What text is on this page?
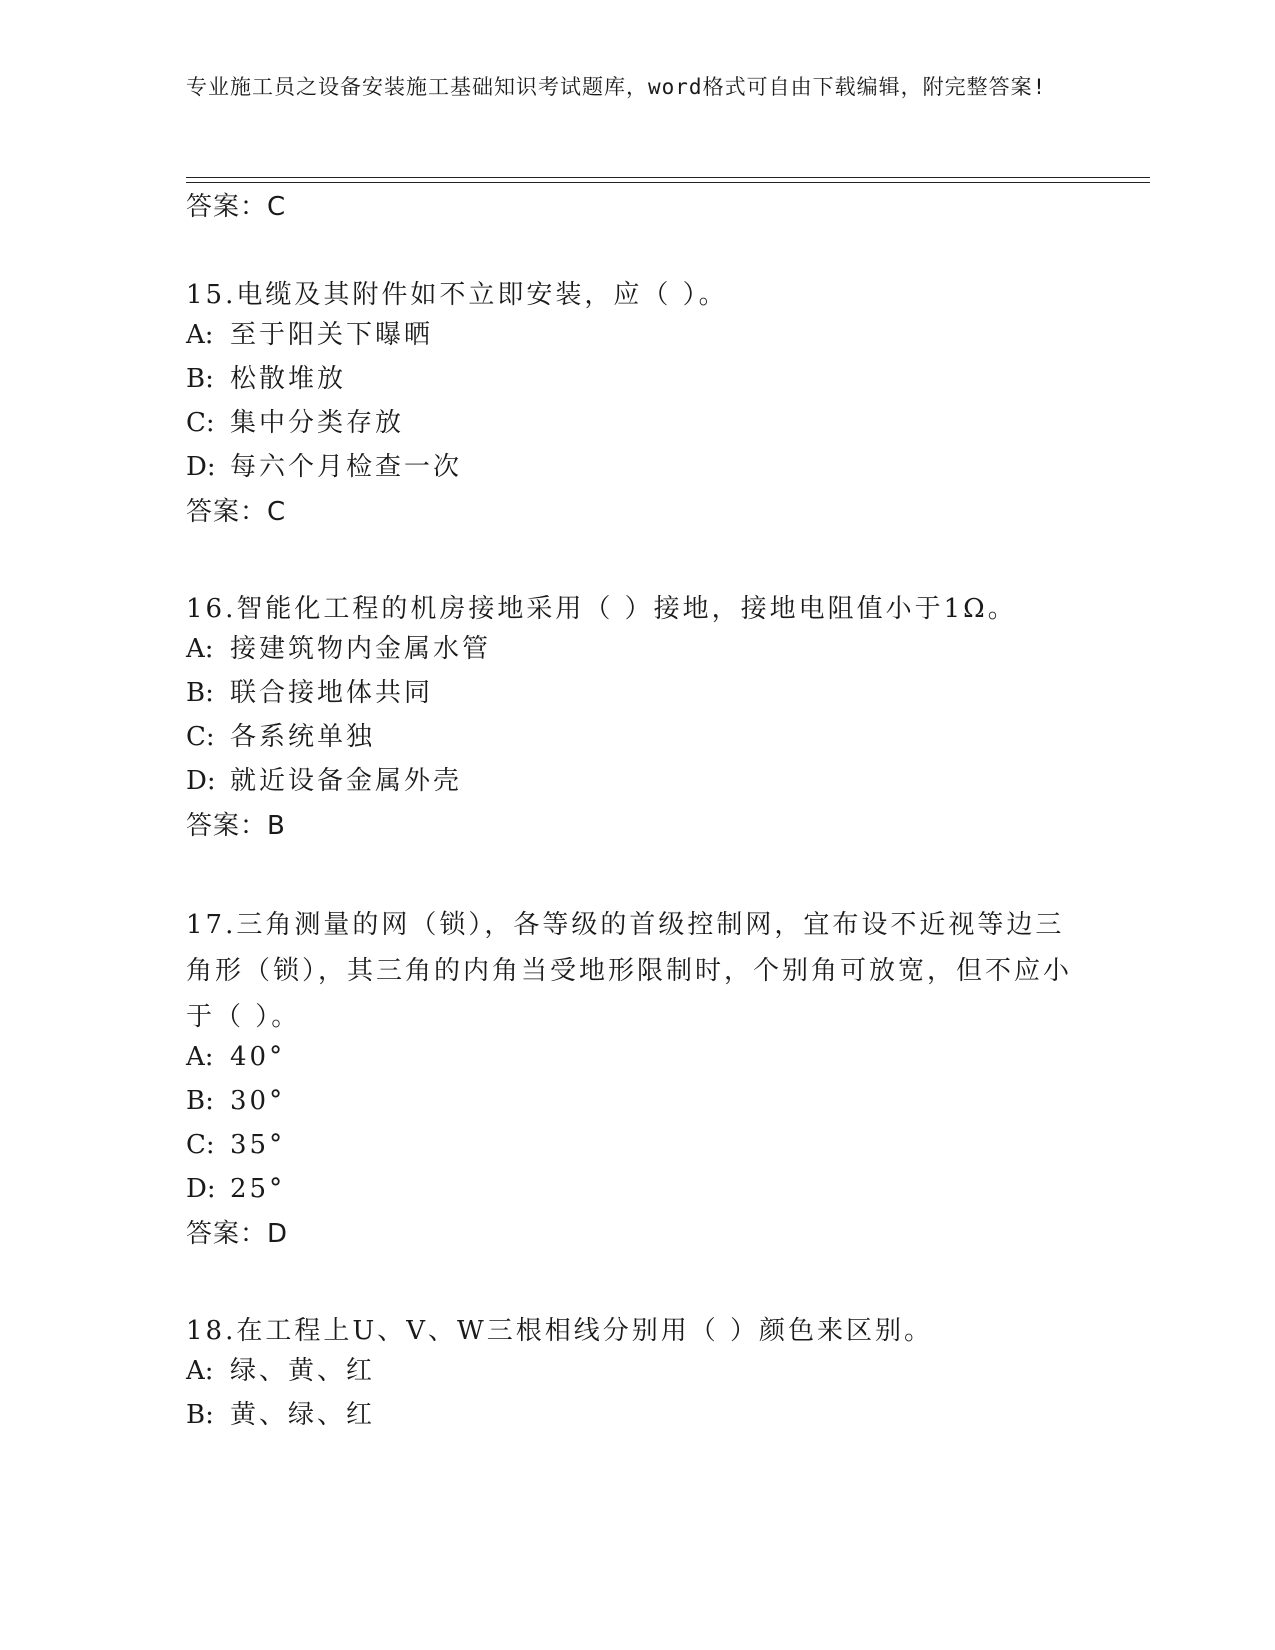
专业施工员之设备安装施工基础知识考试题库，word格式可自由下载编辑，附完整答案!
答案：C
15.电缆及其附件如不立即安装，应（ ）。
A: 至于阳关下曝晒
B: 松散堆放
C: 集中分类存放
D: 每六个月检查一次
答案：C
16.智能化工程的机房接地采用（ ）接地，接地电阻值小于1Ω。
A: 接建筑物内金属水管
B: 联合接地体共同
C: 各系统单独
D: 就近设备金属外壳
答案：B
17.三角测量的网（锁），各等级的首级控制网，宜布设不近视等边三角形（锁），其三角的内角当受地形限制时，个别角可放宽，但不应小于（ ）。
A: 40°
B: 30°
C: 35°
D: 25°
答案：D
18.在工程上U、V、W三根相线分别用（ ）颜色来区别。
A: 绿、黄、红
B: 黄、绿、红
